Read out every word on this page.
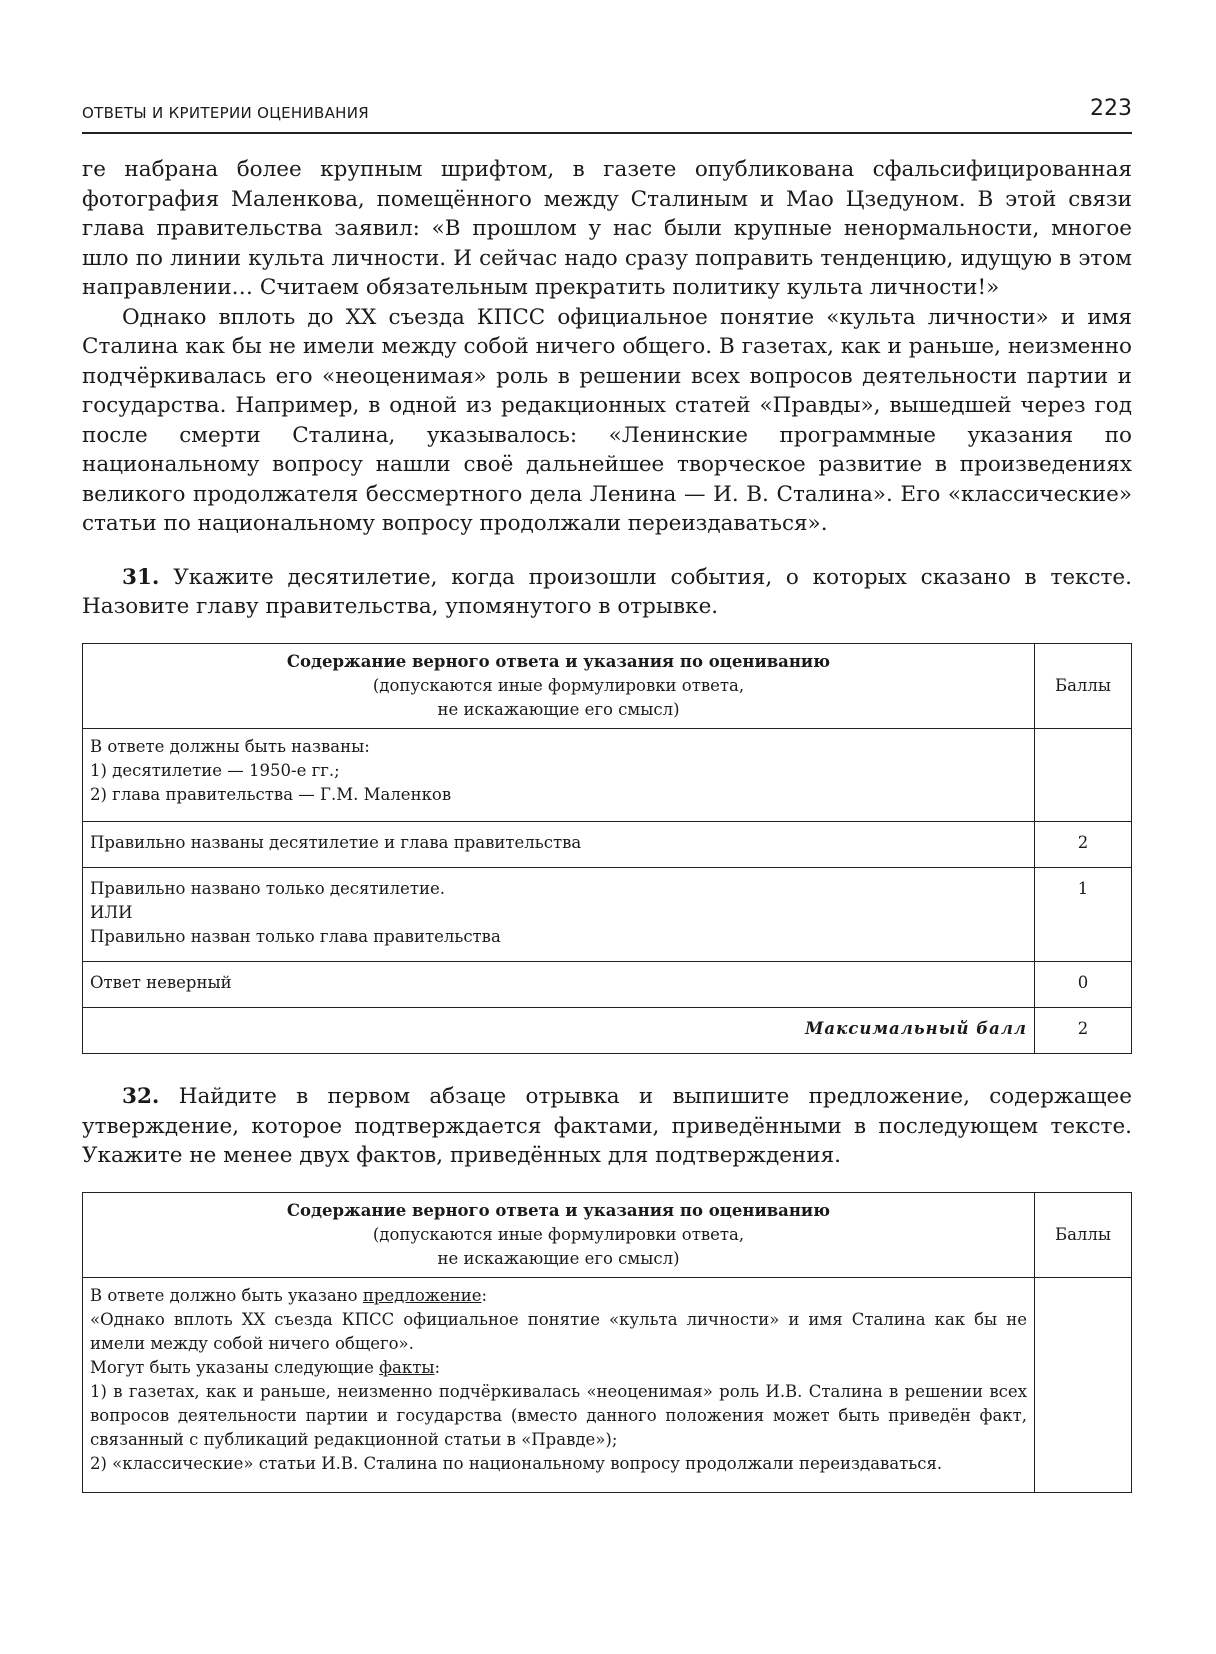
ОТВЕТЫ И КРИТЕРИИ ОЦЕНИВАНИЯ	223

ге набрана более крупным шрифтом, в газете опубликована сфальсифицированная фотография Маленкова, помещённого между Сталиным и Мао Цзедуном. В этой связи глава правительства заявил: «В прошлом у нас были крупные ненормальности, многое шло по линии культа личности. И сейчас надо сразу поправить тенденцию, идущую в этом направлении… Считаем обязательным прекратить политику культа личности!»

Однако вплоть до XX съезда КПСС официальное понятие «культа личности» и имя Сталина как бы не имели между собой ничего общего. В газетах, как и раньше, неизменно подчёркивалась его «неоценимая» роль в решении всех вопросов деятельности партии и государства. Например, в одной из редакционных статей «Правды», вышедшей через год после смерти Сталина, указывалось: «Ленинские программные указания по национальному вопросу нашли своё дальнейшее творческое развитие в произведениях великого продолжателя бессмертного дела Ленина — И. В. Сталина». Его «классические» статьи по национальному вопросу продолжали переиздаваться».

31. Укажите десятилетие, когда произошли события, о которых сказано в тексте. Назовите главу правительства, упомянутого в отрывке.

Содержание верного ответа и указания по оцениванию
(допускаются иные формулировки ответа,
не искажающие его смысл)	Баллы

В ответе должны быть названы:
1) десятилетие — 1950-е гг.;
2) глава правительства — Г.М. Маленков	

Правильно названы десятилетие и глава правительства	2

Правильно названо только десятилетие.
ИЛИ
Правильно назван только глава правительства	1
Ответ неверный	0
Максимальный балл	2

32. Найдите в первом абзаце отрывка и выпишите предложение, содержащее утверждение, которое подтверждается фактами, приведёнными в последующем тексте. Укажите не менее двух фактов, приведённых для подтверждения.

Содержание верного ответа и указания по оцениванию
(допускаются иные формулировки ответа,
не искажающие его смысл)	Баллы

В ответе должно быть указано предложение:
«Однако вплоть XX съезда КПСС официальное понятие «культа личности» и имя Сталина как бы не имели между собой ничего общего».
Могут быть указаны следующие факты:
1) в газетах, как и раньше, неизменно подчёркивалась «неоценимая» роль И.В. Сталина в решении всех вопросов деятельности партии и государства (вместо данного положения может быть приведён факт, связанный с публикаций редакционной статьи в «Правде»);
2) «классические» статьи И.В. Сталина по национальному вопросу продолжали переиздаваться.	
